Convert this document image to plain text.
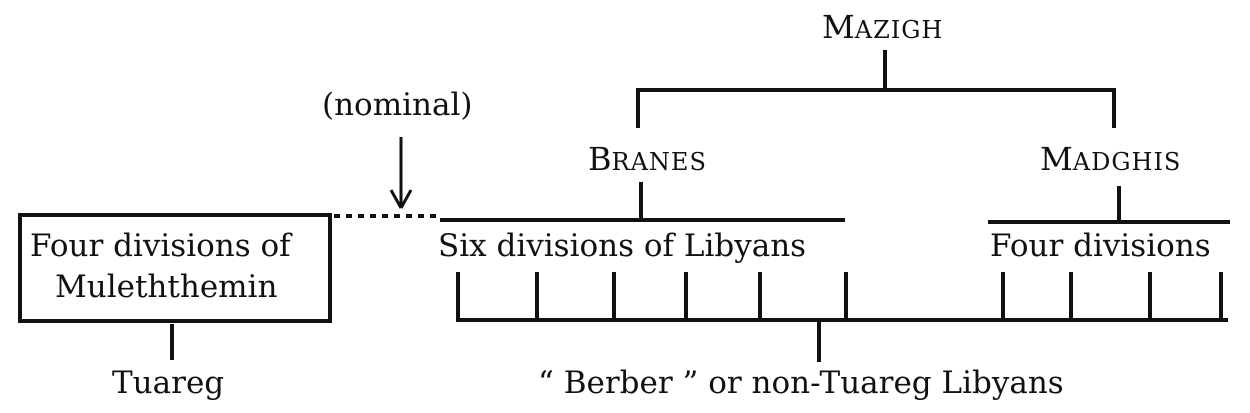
MAZIGH
BRANES	MADGHIS
(nominal)
Four divisions of
Muleththemin
Tuareg
Six divisions of Libyans	Four divisions
“ Berber ” or non-Tuareg Libyans
